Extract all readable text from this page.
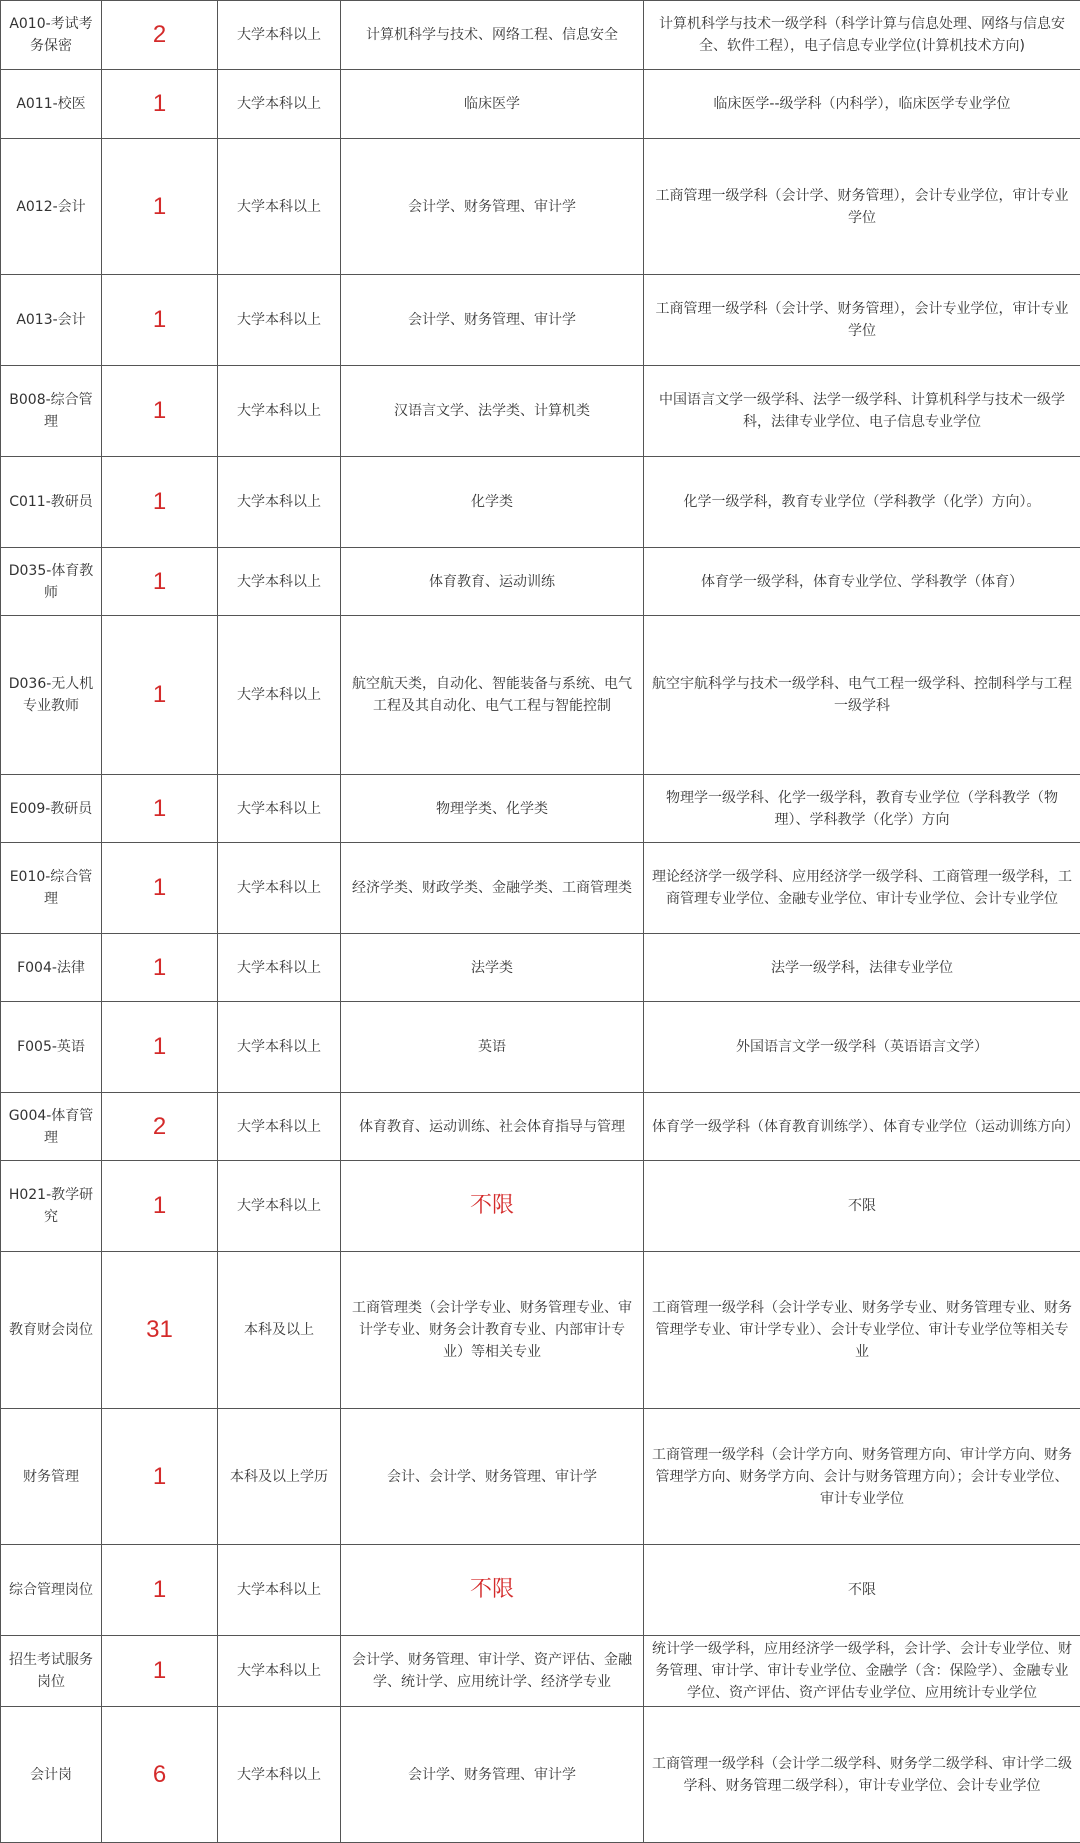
A010-考试考务保密	2	大学本科以上	计算机科学与技术、网络工程、信息安全	计算机科学与技术一级学科（科学计算与信息处理、网络与信息安全、软件工程），电子信息专业学位(计算机技术方向)
A011-校医	1	大学本科以上	临床医学	临床医学--级学科（内科学），临床医学专业学位
A012-会计	1	大学本科以上	会计学、财务管理、审计学	工商管理一级学科（会计学、财务管理），会计专业学位，审计专业学位
A013-会计	1	大学本科以上	会计学、财务管理、审计学	工商管理一级学科（会计学、财务管理），会计专业学位，审计专业学位
B008-综合管理	1	大学本科以上	汉语言文学、法学类、计算机类	中国语言文学一级学科、法学一级学科、计算机科学与技术一级学科，法律专业学位、电子信息专业学位
C011-教研员	1	大学本科以上	化学类	化学一级学科，教育专业学位（学科教学（化学）方向）。
D035-体育教师	1	大学本科以上	体育教育、运动训练	体育学一级学科，体育专业学位、学科教学（体育）
D036-无人机专业教师	1	大学本科以上	航空航天类，自动化、智能装备与系统、电气工程及其自动化、电气工程与智能控制	航空宇航科学与技术一级学科、电气工程一级学科、控制科学与工程一级学科
E009-教研员	1	大学本科以上	物理学类、化学类	物理学一级学科、化学一级学科，教育专业学位（学科教学（物理）、学科教学（化学）方向
E010-综合管理	1	大学本科以上	经济学类、财政学类、金融学类、工商管理类	理论经济学一级学科、应用经济学一级学科、工商管理一级学科，工商管理专业学位、金融专业学位、审计专业学位、会计专业学位
F004-法律	1	大学本科以上	法学类	法学一级学科，法律专业学位
F005-英语	1	大学本科以上	英语	外国语言文学一级学科（英语语言文学）
G004-体育管理	2	大学本科以上	体育教育、运动训练、社会体育指导与管理	体育学一级学科（体育教育训练学）、体育专业学位（运动训练方向）
H021-教学研究	1	大学本科以上	不限	不限
教育财会岗位	31	本科及以上	工商管理类（会计学专业、财务管理专业、审计学专业、财务会计教育专业、内部审计专业）等相关专业	工商管理一级学科（会计学专业、财务学专业、财务管理专业、财务管理学专业、审计学专业）、会计专业学位、审计专业学位等相关专业
财务管理	1	本科及以上学历	会计、会计学、财务管理、审计学	工商管理一级学科（会计学方向、财务管理方向、审计学方向、财务管理学方向、财务学方向、会计与财务管理方向）；会计专业学位、审计专业学位
综合管理岗位	1	大学本科以上	不限	不限
招生考试服务岗位	1	大学本科以上	会计学、财务管理、审计学、资产评估、金融学、统计学、应用统计学、经济学专业	统计学一级学科，应用经济学一级学科，会计学、会计专业学位、财务管理、审计学、审计专业学位、金融学（含：保险学）、金融专业学位、资产评估、资产评估专业学位、应用统计专业学位
会计岗	6	大学本科以上	会计学、财务管理、审计学	工商管理一级学科（会计学二级学科、财务学二级学科、审计学二级学科、财务管理二级学科），审计专业学位、会计专业学位
